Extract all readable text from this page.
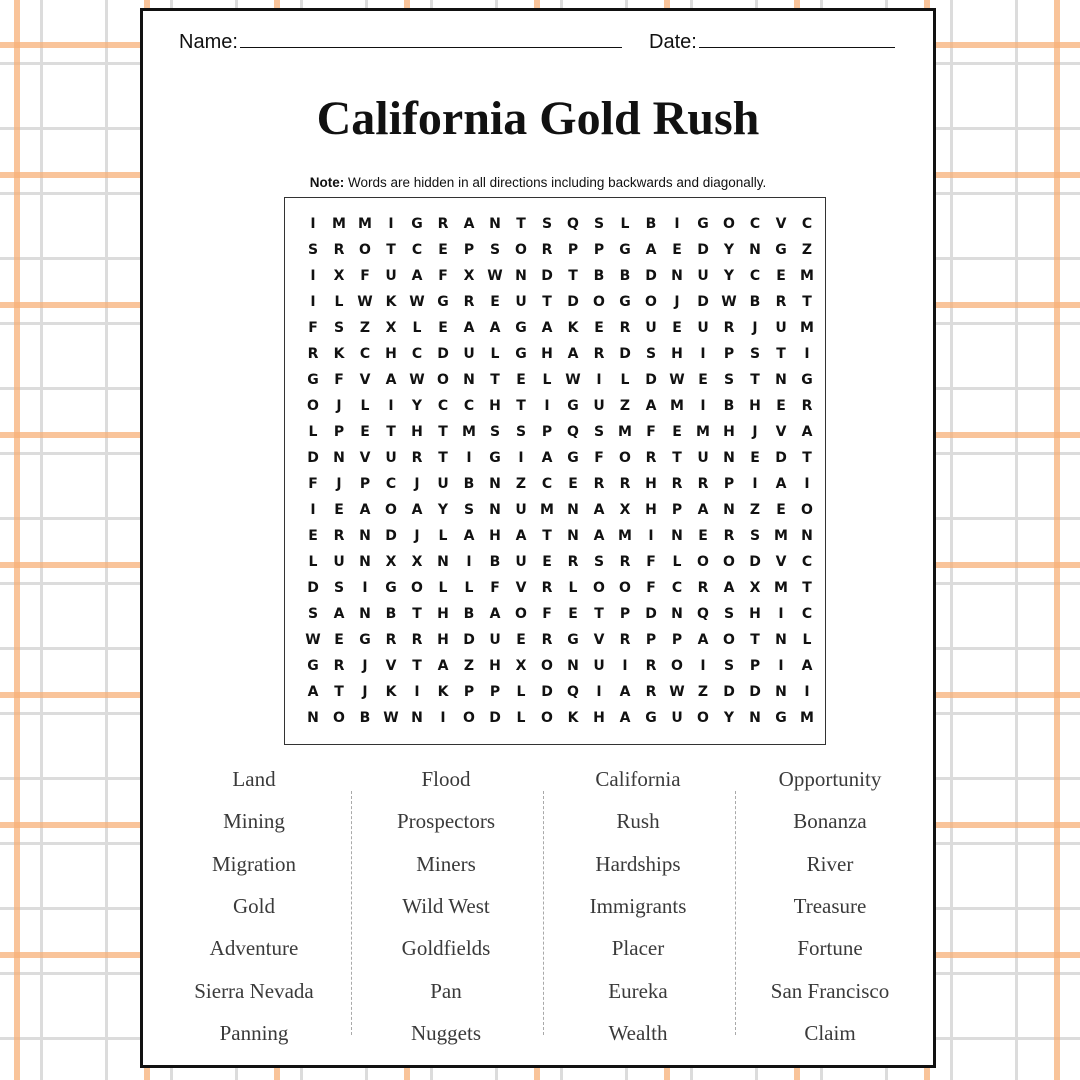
Name:	Date:
California Gold Rush
Note: Words are hidden in all directions including backwards and diagonally.
I	M M	I	G	R	A	N	T	S	Q	S	L	B	I	G	O	C	V	C
S	R	O	T	C	E	P	S	O	R	P	P	G	A	E	D	Y	N	G	Z
I	X	F	U	A	F	X W N	D	T	B	B	D	N	U	Y	C	E	M
I	L W K W G	R	E	U	T	D	O	G	O	J	D W B	R	T
F	S	Z	X	L	E	A	A	G	A	K	E	R	U	E	U	R	J	U M
R	K	C	H	C	D	U	L	G	H	A	R	D	S	H	I	P	S	T	I
G	F	V	A W O	N	T	E	L W	I	L	D W E	S	T	N	G
O	J	L	I	Y	C	C	H	T	I	G	U	Z	A M	I	B	H	E	R
L	P	E	T	H	T	M S	S	P	Q	S M	F	E	M H	J	V	A
D	N	V	U	R	T	I	G	I	A	G	F	O	R	T	U	N	E	D	T
F	J	P	C	J	U	B	N	Z	C	E	R	R	H	R	R	P	I	A	I
I	E	A	O	A	Y	S	N	U M N	A	X	H	P	A	N	Z	E	O
E	R	N	D	J	L	A	H	A	T	N	A M	I	N	E	R	S M N
L	U	N	X	X	N	I	B	U	E	R	S	R	F	L	O	O	D	V	C
D	S	I	G	O	L	L	F	V	R	L	O	O	F	C	R	A	X M	T
S	A	N	B	T	H	B	A	O	F	E	T	P	D	N	Q	S	H	I	C
W E	G	R	R	H	D	U	E	R	G	V	R	P	P	A	O	T	N	L
G	R	J	V	T	A	Z	H	X	O	N	U	I	R	O	I	S	P	I	A
A	T	J	K	I	K	P	P	L	D	Q	I	A	R W Z	D	D	N	I
N	O	B W N	I	O	D	L	O	K	H	A	G	U	O	Y	N	G M
Land
Mining
Migration
Gold
Adventure
Sierra Nevada
Panning
Flood
Prospectors
Miners
Wild West
Goldfields
Pan
Nuggets
California
Rush
Hardships
Immigrants
Placer
Eureka
Wealth
Opportunity
Bonanza
River
Treasure
Fortune
San Francisco
Claim
